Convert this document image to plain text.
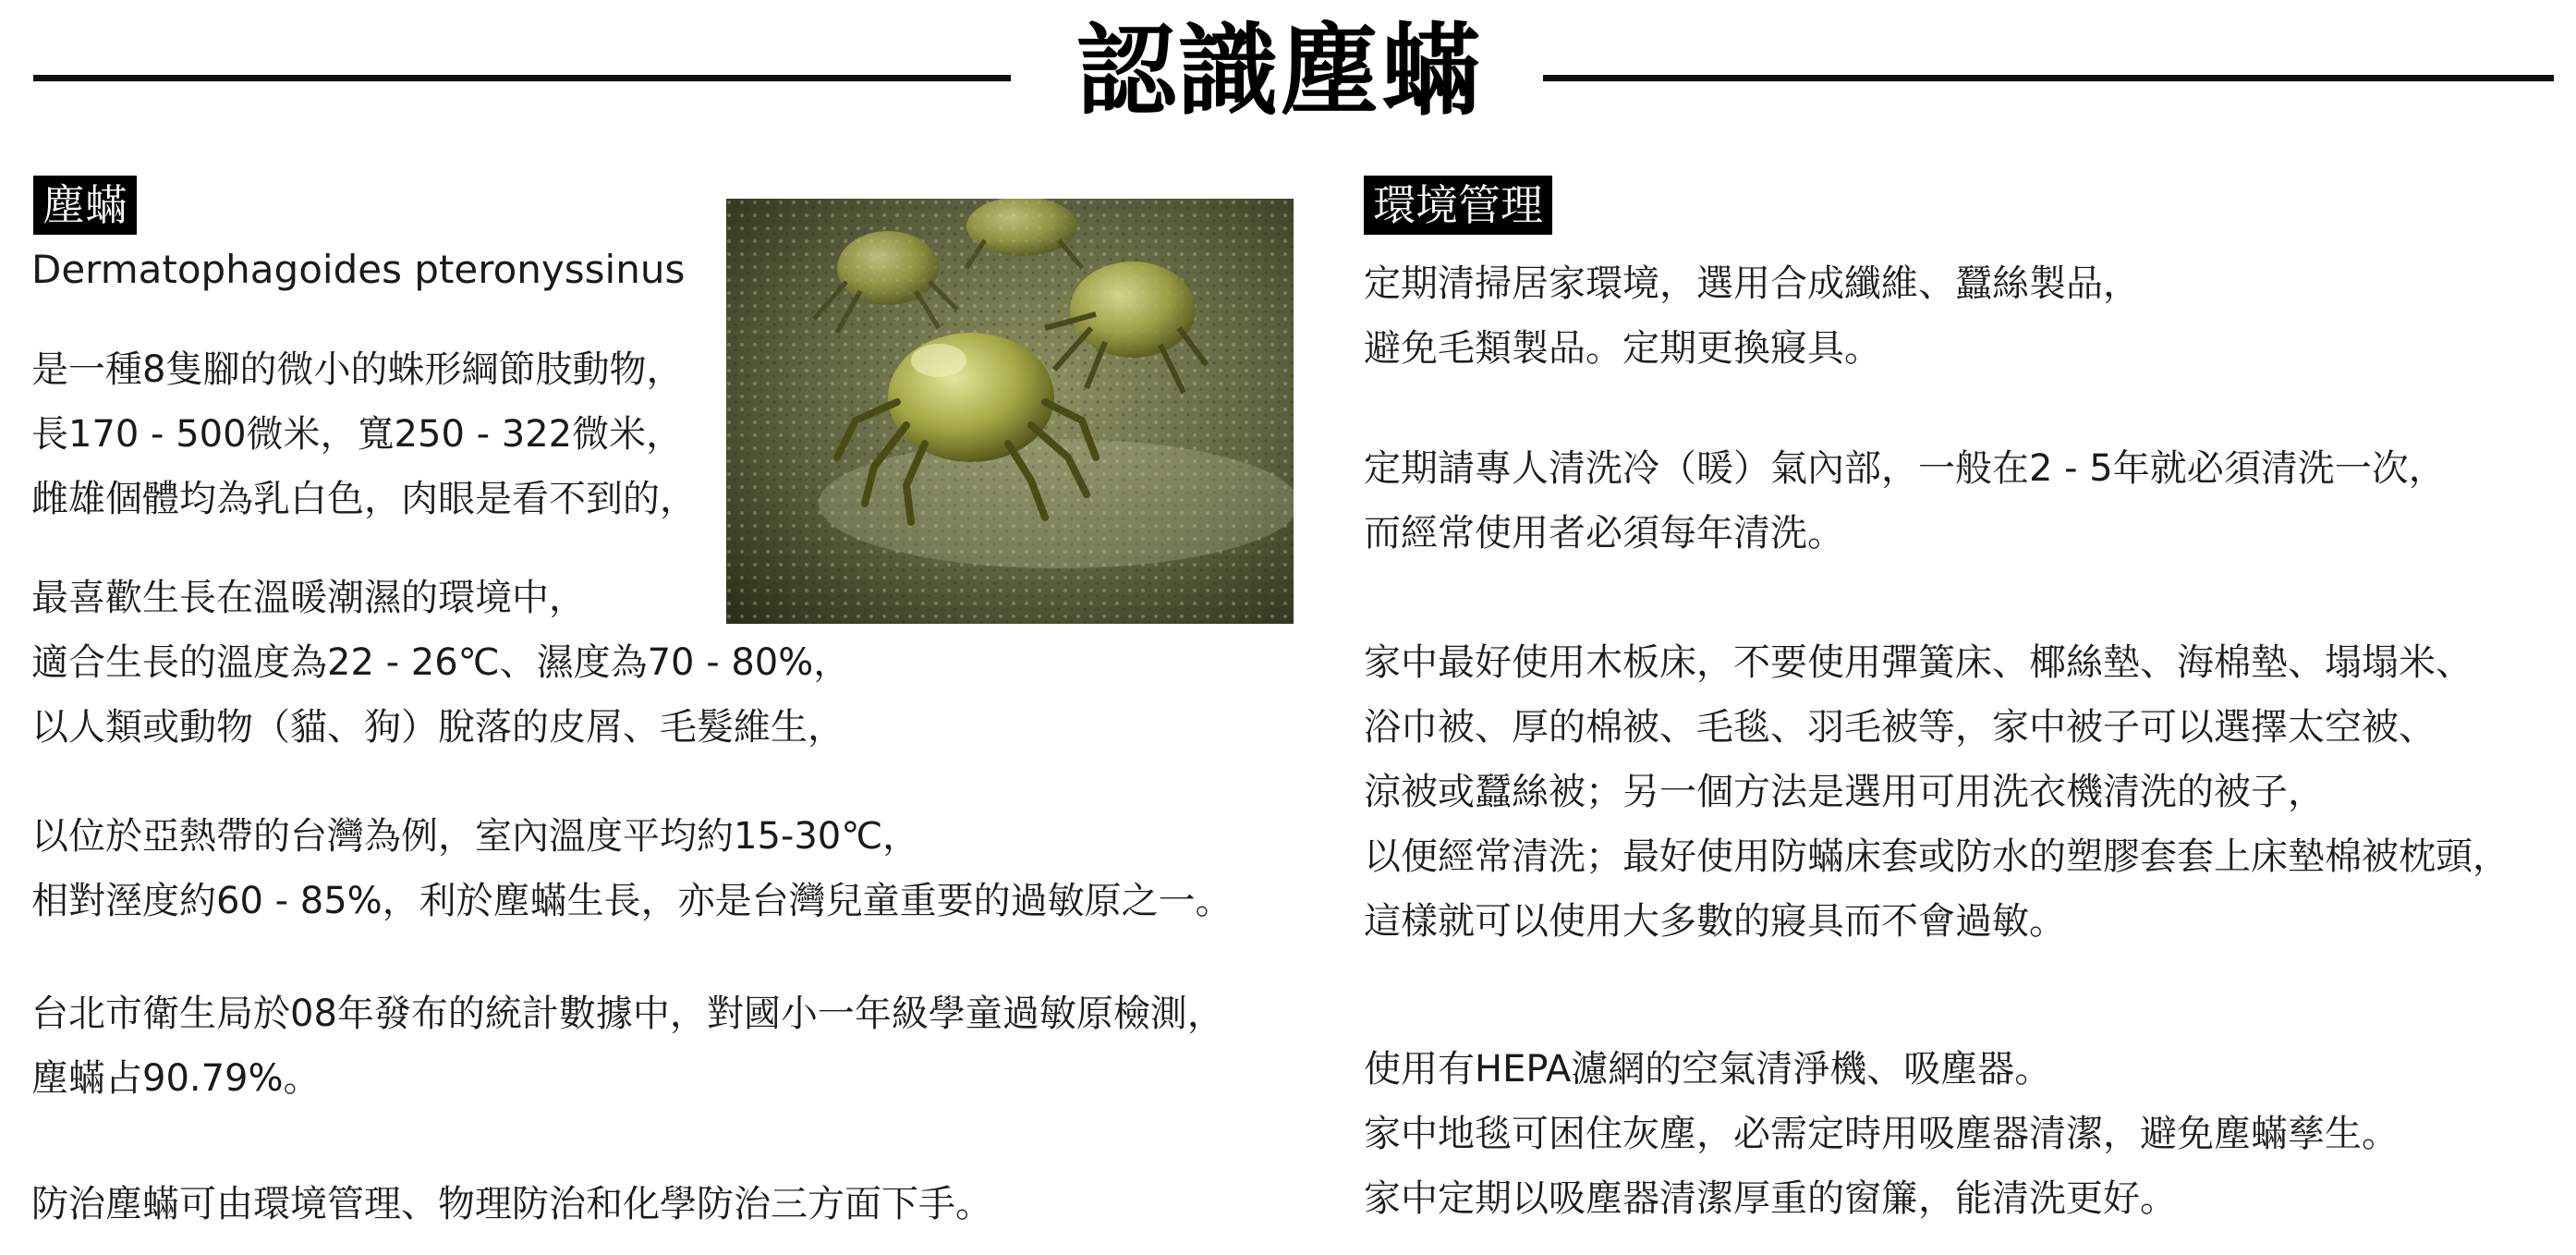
認識塵蟎
塵蟎
Dermatophagoides pteronyssinus
是一種8隻腳的微小的蛛形綱節肢動物，
長170 - 500微米，寬250 - 322微米，
雌雄個體均為乳白色，肉眼是看不到的，
最喜歡生長在溫暖潮濕的環境中，
適合生長的溫度為22 - 26℃、濕度為70 - 80%，
以人類或動物（貓、狗）脫落的皮屑、毛髮維生，
以位於亞熱帶的台灣為例，室內溫度平均約15-30℃，
相對溼度約60 - 85%，利於塵蟎生長，亦是台灣兒童重要的過敏原之一。
台北市衛生局於08年發布的統計數據中，對國小一年級學童過敏原檢測，
塵蟎占90.79%。
防治塵蟎可由環境管理、物理防治和化學防治三方面下手。
環境管理
定期清掃居家環境，選用合成纖維、蠶絲製品，
避免毛類製品。定期更換寢具。
定期請專人清洗冷（暖）氣內部，一般在2 - 5年就必須清洗一次，
而經常使用者必須每年清洗。
家中最好使用木板床，不要使用彈簧床、椰絲墊、海棉墊、塌塌米、
浴巾被、厚的棉被、毛毯、羽毛被等，家中被子可以選擇太空被、
涼被或蠶絲被；另一個方法是選用可用洗衣機清洗的被子，
以便經常清洗；最好使用防蟎床套或防水的塑膠套套上床墊棉被枕頭，
這樣就可以使用大多數的寢具而不會過敏。
使用有HEPA濾網的空氣清淨機、吸塵器。
家中地毯可困住灰塵，必需定時用吸塵器清潔，避免塵蟎孳生。
家中定期以吸塵器清潔厚重的窗簾，能清洗更好。
